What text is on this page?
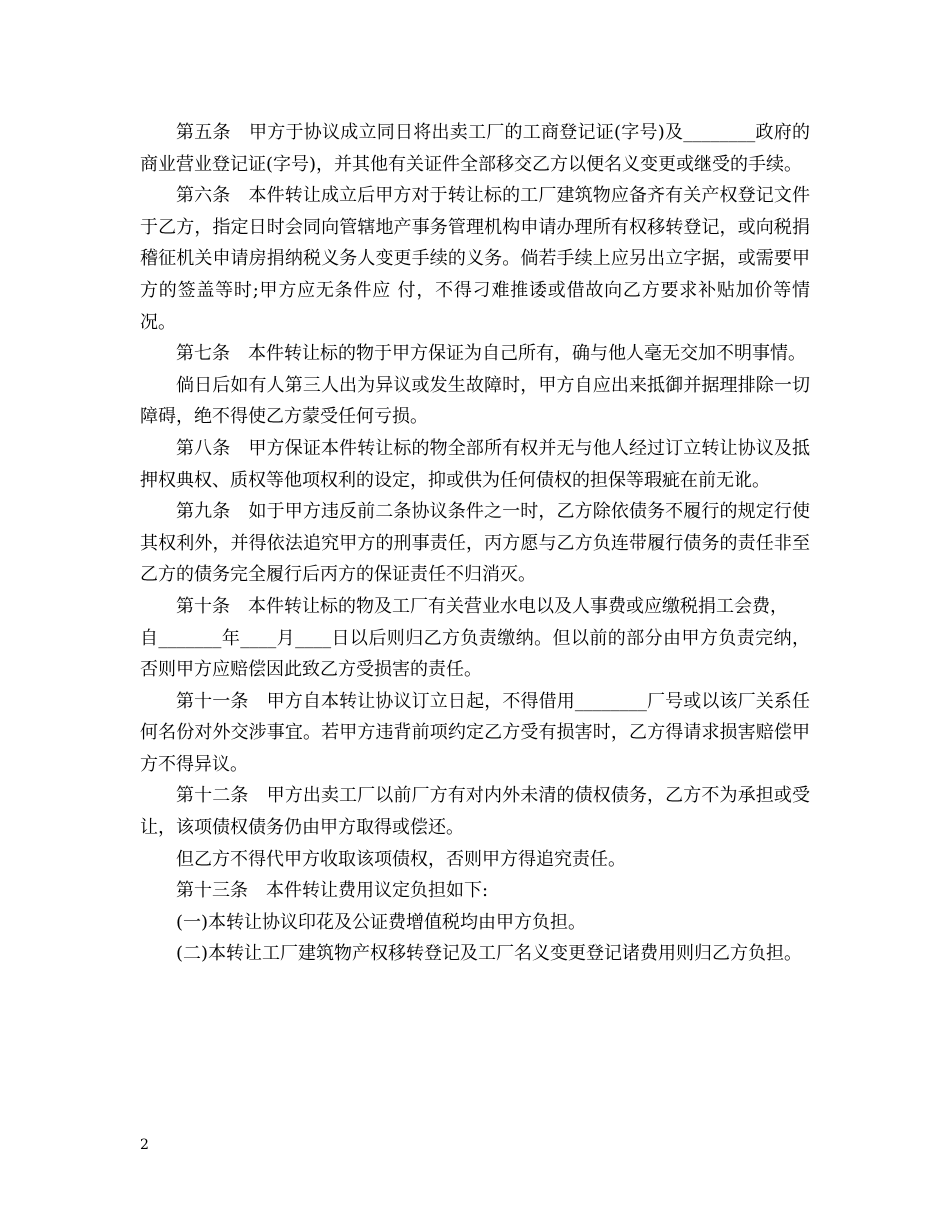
第五条　甲方于协议成立同日将出卖工厂的工商登记证(字号)及________政府的商业营业登记证(字号)，并其他有关证件全部移交乙方以便名义变更或继受的手续。

第六条　本件转让成立后甲方对于转让标的工厂建筑物应备齐有关产权登记文件于乙方，指定日时会同向管辖地产事务管理机构申请办理所有权移转登记，或向税捐稽征机关申请房捐纳税义务人变更手续的义务。倘若手续上应另出立字据，或需要甲方的签盖等时;甲方应无条件应 付，不得刁难推诿或借故向乙方要求补贴加价等情况。

第七条　本件转让标的物于甲方保证为自己所有，确与他人毫无交加不明事情。

倘日后如有人第三人出为异议或发生故障时，甲方自应出来抵御并据理排除一切障碍，绝不得使乙方蒙受任何亏损。

第八条　甲方保证本件转让标的物全部所有权并无与他人经过订立转让协议及抵押权典权、质权等他项权利的设定，抑或供为任何债权的担保等瑕疵在前无讹。

第九条　如于甲方违反前二条协议条件之一时，乙方除依债务不履行的规定行使其权利外，并得依法追究甲方的刑事责任，丙方愿与乙方负连带履行债务的责任非至乙方的债务完全履行后丙方的保证责任不归消灭。

第十条　本件转让标的物及工厂有关营业水电以及人事费或应缴税捐工会费，

自_______年____月____日以后则归乙方负责缴纳。但以前的部分由甲方负责完纳，否则甲方应赔偿因此致乙方受损害的责任。

第十一条　甲方自本转让协议订立日起，不得借用________厂号或以该厂关系任何名份对外交涉事宜。若甲方违背前项约定乙方受有损害时，乙方得请求损害赔偿甲方不得异议。

第十二条　甲方出卖工厂以前厂方有对内外未清的债权债务，乙方不为承担或受让，该项债权债务仍由甲方取得或偿还。

但乙方不得代甲方收取该项债权，否则甲方得追究责任。

第十三条　本件转让费用议定负担如下:

(一)本转让协议印花及公证费增值税均由甲方负担。

(二)本转让工厂建筑物产权移转登记及工厂名义变更登记诸费用则归乙方负担。

2
